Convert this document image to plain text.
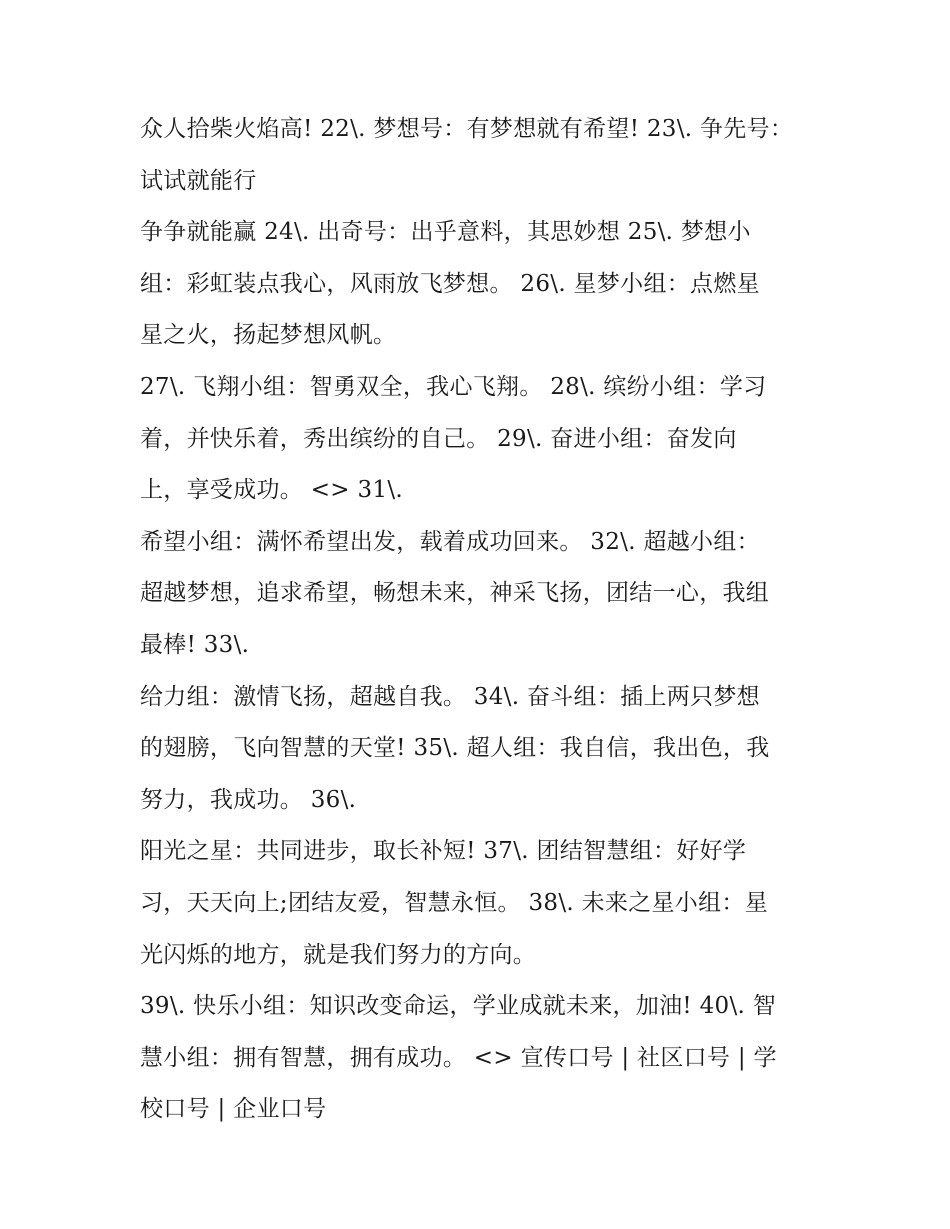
众人拾柴火焰高! 22\. 梦想号：有梦想就有希望! 23\. 争先号：
试试就能行
争争就能赢 24\. 出奇号：出乎意料，其思妙想 25\. 梦想小
组：彩虹装点我心，风雨放飞梦想。 26\. 星梦小组：点燃星
星之火，扬起梦想风帆。
27\. 飞翔小组：智勇双全，我心飞翔。 28\. 缤纷小组：学习
着，并快乐着，秀出缤纷的自己。 29\. 奋进小组：奋发向
上，享受成功。 <> 31\.
希望小组：满怀希望出发，载着成功回来。 32\. 超越小组：
超越梦想，追求希望，畅想未来，神采飞扬，团结一心，我组
最棒! 33\.
给力组：激情飞扬，超越自我。 34\. 奋斗组：插上两只梦想
的翅膀，飞向智慧的天堂! 35\. 超人组：我自信，我出色，我
努力，我成功。 36\.
阳光之星：共同进步，取长补短! 37\. 团结智慧组：好好学
习，天天向上;团结友爱，智慧永恒。 38\. 未来之星小组：星
光闪烁的地方，就是我们努力的方向。
39\. 快乐小组：知识改变命运，学业成就未来，加油! 40\. 智
慧小组：拥有智慧，拥有成功。 <> 宣传口号 | 社区口号 | 学
校口号 | 企业口号
